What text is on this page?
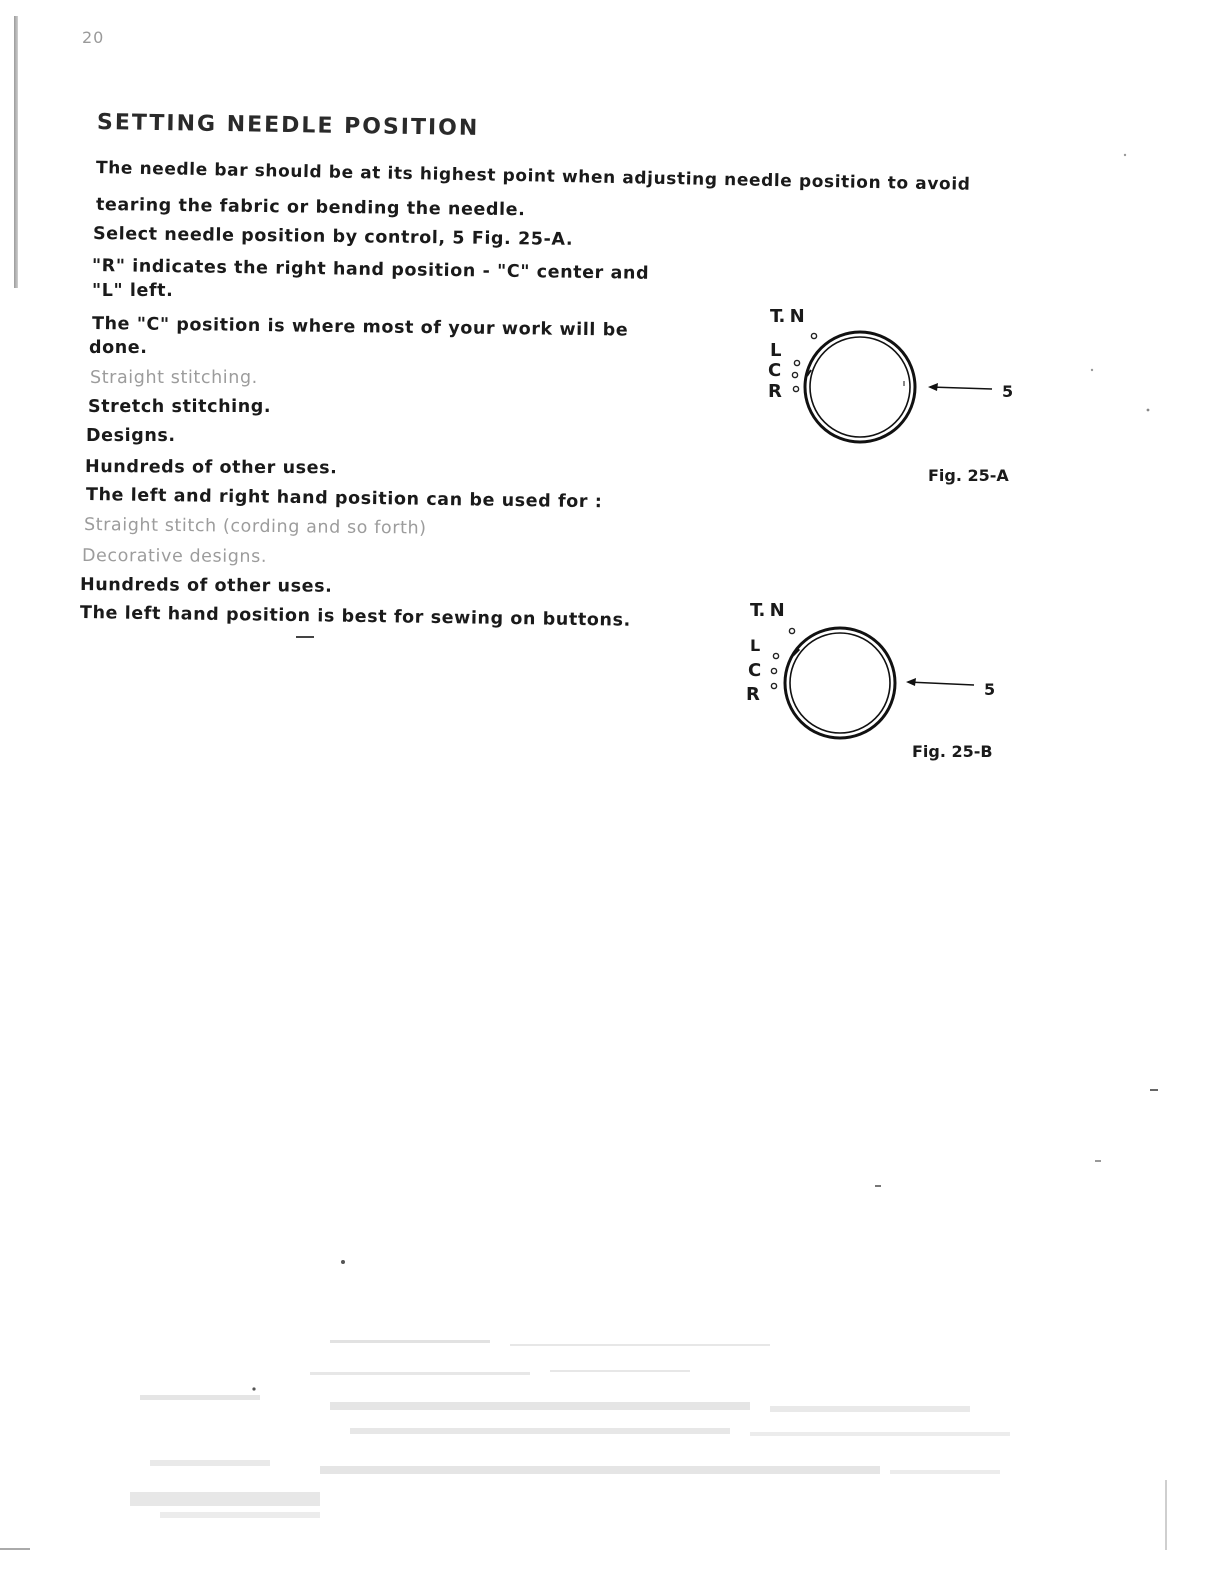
20
SETTING NEEDLE POSITION
The needle bar should be at its highest point when adjusting needle position to avoid
tearing the fabric or bending the needle.
Select needle position by control, 5 Fig. 25-A.
"R" indicates the right hand position - "C" center and
"L" left.
The "C" position is where most of your work will be
done.
Straight stitching.
Stretch stitching.
Designs.
Hundreds of other uses.
The left and right hand position can be used for :
Straight stitch (cording and so forth)
Decorative designs.
Hundreds of other uses.
The left hand position is best for sewing on buttons.
T. N
L
C
R	5
Fig. 25-A
T. N
L
C
R	5
Fig. 25-B
